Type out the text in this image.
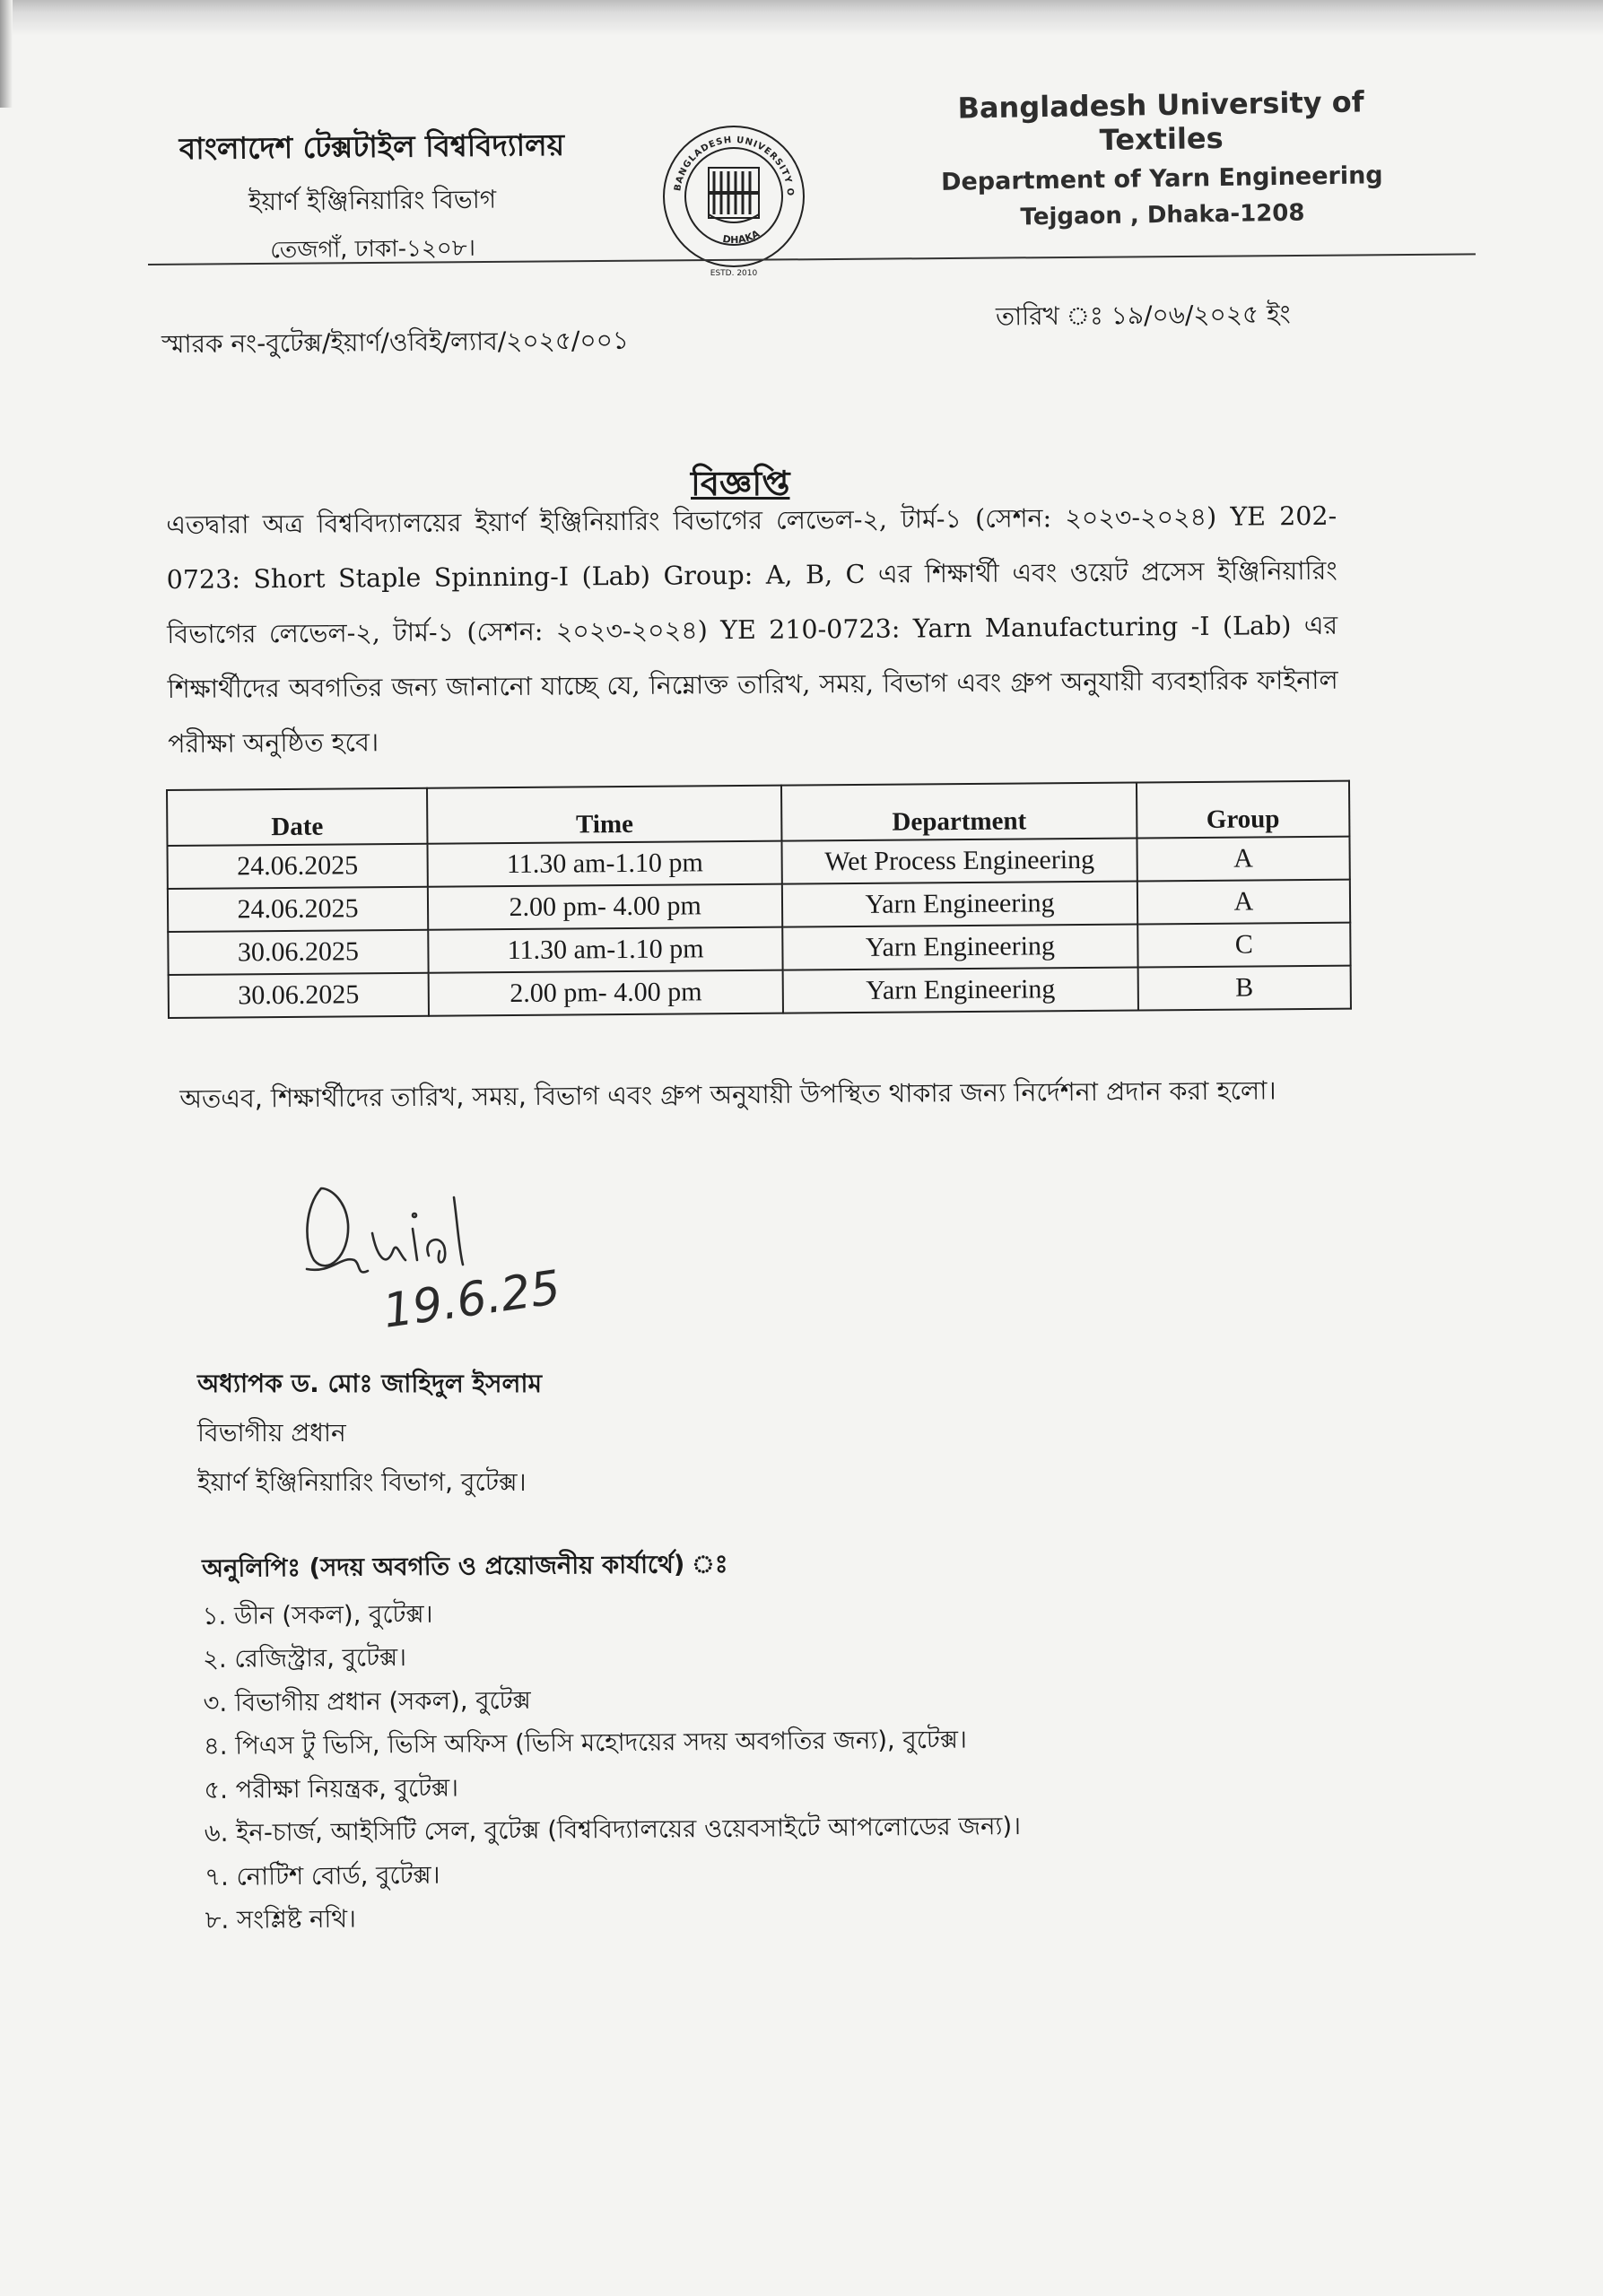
বাংলাদেশ টেক্সটাইল বিশ্ববিদ্যালয়
ইয়ার্ণ ইঞ্জিনিয়ারিং বিভাগ
তেজগাঁ, ঢাকা-১২০৮।
BANGLADESH UNIVERSITY O
DHAKA
ESTD. 2010
Bangladesh University of Textiles
Department of Yarn Engineering
Tejgaon , Dhaka-1208
স্মারক নং-বুটেক্স/ইয়ার্ণ/ওবিই/ল্যাব/২০২৫/০০১
তারিখ ঃ ১৯/০৬/২০২৫ ইং
বিজ্ঞপ্তি
এতদ্বারা অত্র বিশ্ববিদ্যালয়ের ইয়ার্ণ ইঞ্জিনিয়ারিং বিভাগের লেভেল-২, টার্ম-১ (সেশন: ২০২৩-২০২৪) YE 202-0723: Short Staple Spinning-I (Lab) Group: A, B, C এর শিক্ষার্থী এবং ওয়েট প্রসেস ইঞ্জিনিয়ারিং বিভাগের লেভেল-২, টার্ম-১ (সেশন: ২০২৩-২০২৪) YE 210-0723: Yarn Manufacturing -I (Lab) এর শিক্ষার্থীদের অবগতির জন্য জানানো যাচ্ছে যে, নিম্নোক্ত তারিখ, সময়, বিভাগ এবং গ্রুপ অনুযায়ী ব্যবহারিক ফাইনাল পরীক্ষা অনুষ্ঠিত হবে।
Date	Time	Department	Group
24.06.2025	11.30 am-1.10 pm	Wet Process Engineering	A
24.06.2025	2.00 pm- 4.00 pm	Yarn Engineering	A
30.06.2025	11.30 am-1.10 pm	Yarn Engineering	C
30.06.2025	2.00 pm- 4.00 pm	Yarn Engineering	B
অতএব, শিক্ষার্থীদের তারিখ, সময়, বিভাগ এবং গ্রুপ অনুযায়ী উপস্থিত থাকার জন্য নির্দেশনা প্রদান করা হলো।
19.6.25
অধ্যাপক ড. মোঃ জাহিদুল ইসলাম
বিভাগীয় প্রধান
ইয়ার্ণ ইঞ্জিনিয়ারিং বিভাগ, বুটেক্স।
অনুলিপিঃ (সদয় অবগতি ও প্রয়োজনীয় কার্যার্থে) ঃ
১. ডীন (সকল), বুটেক্স।
২. রেজিস্ট্রার, বুটেক্স।
৩. বিভাগীয় প্রধান (সকল), বুটেক্স
৪. পিএস টু ভিসি, ভিসি অফিস (ভিসি মহোদয়ের সদয় অবগতির জন্য), বুটেক্স।
৫. পরীক্ষা নিয়ন্ত্রক, বুটেক্স।
৬. ইন-চার্জ, আইসিটি সেল, বুটেক্স (বিশ্ববিদ্যালয়ের ওয়েবসাইটে আপলোডের জন্য)।
৭. নোটিশ বোর্ড, বুটেক্স।
৮. সংশ্লিষ্ট নথি।
